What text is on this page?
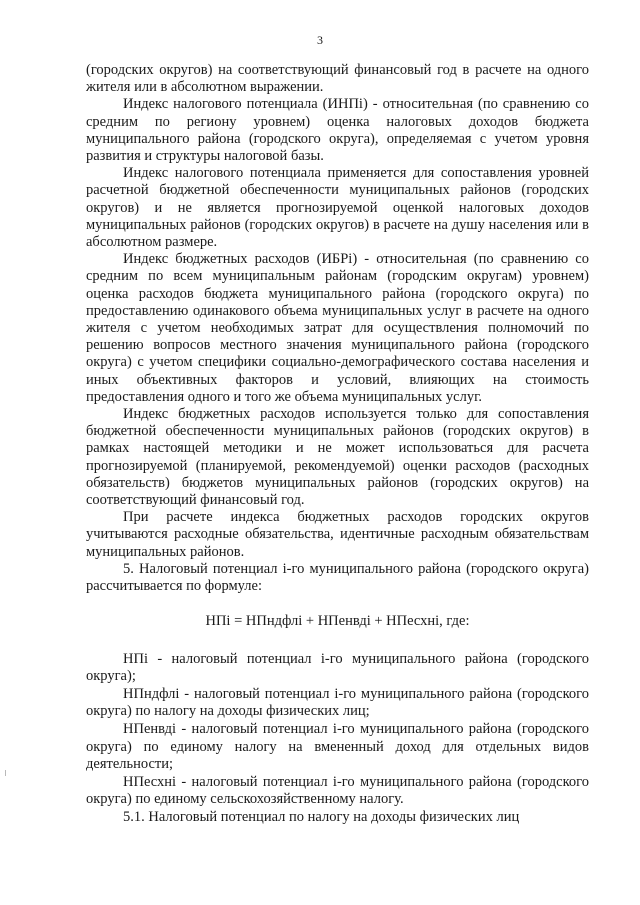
3

(городских округов) на соответствующий финансовый год в расчете на одного жителя или в абсолютном выражении.

Индекс налогового потенциала (ИНПi) - относительная (по сравнению со средним по региону уровнем) оценка налоговых доходов бюджета муниципального района (городского округа), определяемая с учетом уровня развития и структуры налоговой базы.

Индекс налогового потенциала применяется для сопоставления уровней расчетной бюджетной обеспеченности муниципальных районов (городских округов) и не является прогнозируемой оценкой налоговых доходов муниципальных районов (городских округов) в расчете на душу населения или в абсолютном размере.

Индекс бюджетных расходов (ИБРi) - относительная (по сравнению со средним по всем муниципальным районам (городским округам) уровнем) оценка расходов бюджета муниципального района (городского округа) по предоставлению одинакового объема муниципальных услуг в расчете на одного жителя с учетом необходимых затрат для осуществления полномочий по решению вопросов местного значения муниципального района (городского округа) с учетом специфики социально-демографического состава населения и иных объективных факторов и условий, влияющих на стоимость предоставления одного и того же объема муниципальных услуг.

Индекс бюджетных расходов используется только для сопоставления бюджетной обеспеченности муниципальных районов (городских округов) в рамках настоящей методики и не может использоваться для расчета прогнозируемой (планируемой, рекомендуемой) оценки расходов (расходных обязательств) бюджетов муниципальных районов (городских округов) на соответствующий финансовый год.

При расчете индекса бюджетных расходов городских округов учитываются расходные обязательства, идентичные расходным обязательствам муниципальных районов.

5. Налоговый потенциал i-го муниципального района (городского округа) рассчитывается по формуле:

НПi = НПндфлi + НПенвдi + НПесхнi, где:

НПi - налоговый потенциал i-го муниципального района (городского округа);

НПндфлi - налоговый потенциал i-го муниципального района (городского округа) по налогу на доходы физических лиц;

НПенвдi - налоговый потенциал i-го муниципального района (городского округа) по единому налогу на вмененный доход для отдельных видов деятельности;

НПесхнi - налоговый потенциал i-го муниципального района (городского округа) по единому сельскохозяйственному налогу.

5.1. Налоговый потенциал по налогу на доходы физических лиц
